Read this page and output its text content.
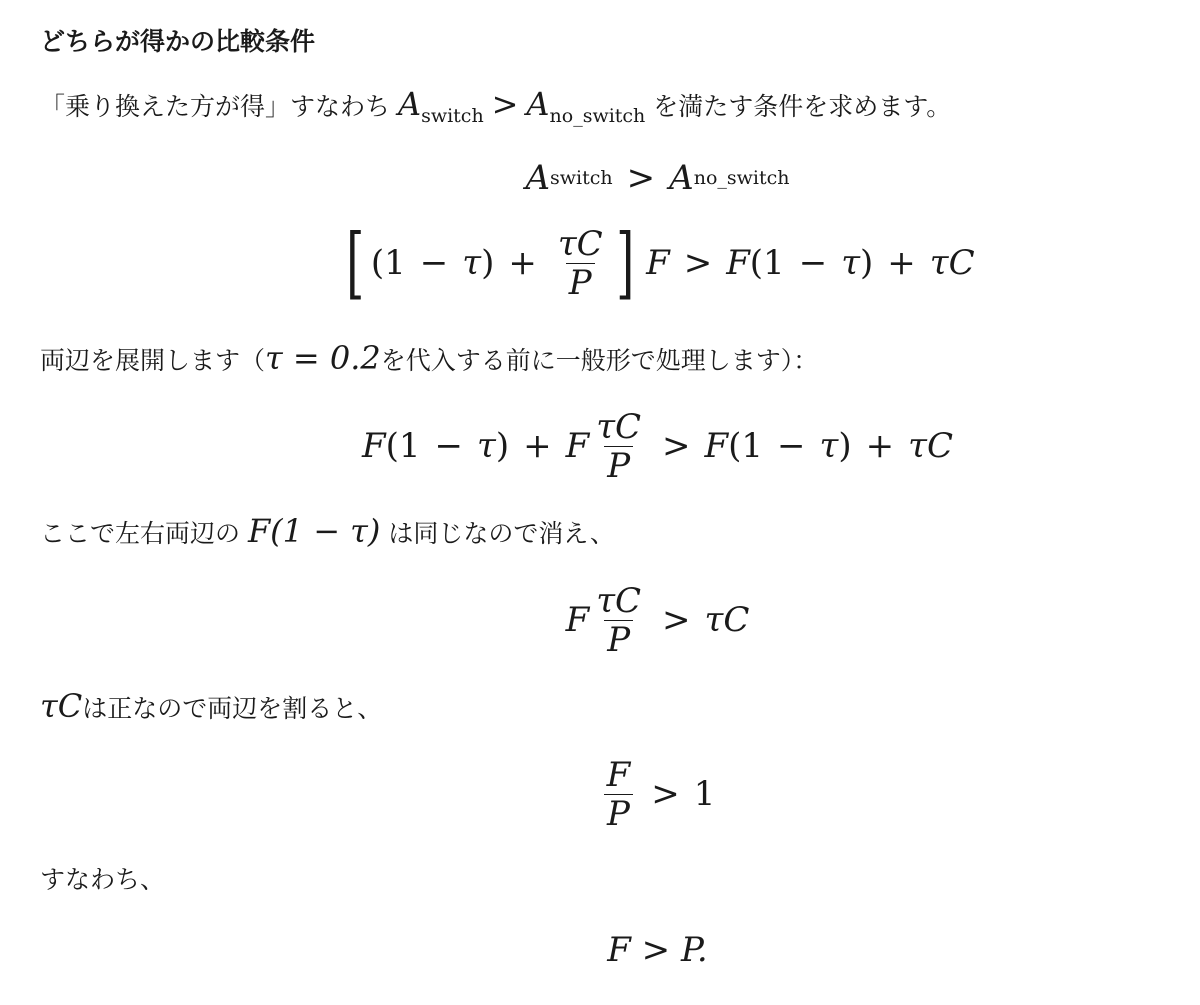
どちらが得かの比較条件
「乗り換えた方が得」すなわち $A_{switch} > A_{no\_switch}$ を満たす条件を求めます。
A switch > A no_switch
[ ( 1 − τ ) + $\frac{\tau C}{P}$ ] F > F ( 1 − τ ) + τ C
両辺を展開します（τ = 0.2を代入する前に一般形で処理します）：
F ( 1 − τ ) + F $\frac{\tau C}{P} > F$ ( 1 − τ ) + τ C
ここで左右両辺の F(1 − τ) は同じなので消え、
F $\frac{\tau C}{P} > \tau$ C
τCは正なので両辺を割ると、
$\frac{F}{P} > 1$
すなわち、
F > P.
